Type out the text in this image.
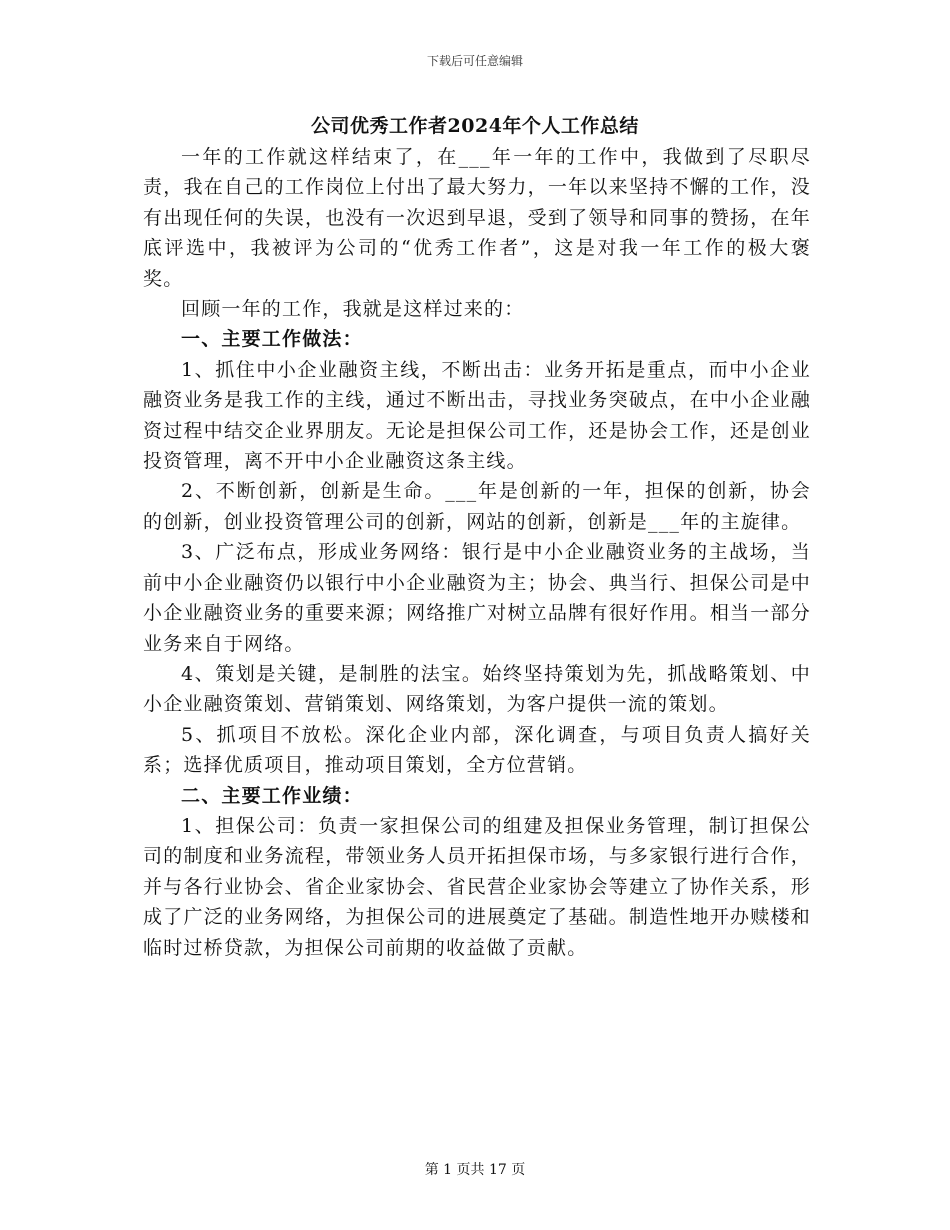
下载后可任意编辑
公司优秀工作者2024年个人工作总结

一年的工作就这样结束了，在___年一年的工作中，我做到了尽职尽责，我在自己的工作岗位上付出了最大努力，一年以来坚持不懈的工作，没有出现任何的失误，也没有一次迟到早退，受到了领导和同事的赞扬，在年底评选中，我被评为公司的“优秀工作者”，这是对我一年工作的极大褒奖。

回顾一年的工作，我就是这样过来的：

一、主要工作做法：

1、抓住中小企业融资主线，不断出击：业务开拓是重点，而中小企业融资业务是我工作的主线，通过不断出击，寻找业务突破点，在中小企业融资过程中结交企业界朋友。无论是担保公司工作，还是协会工作，还是创业投资管理，离不开中小企业融资这条主线。

2、不断创新，创新是生命。___年是创新的一年，担保的创新，协会的创新，创业投资管理公司的创新，网站的创新，创新是___年的主旋律。

3、广泛布点，形成业务网络：银行是中小企业融资业务的主战场，当前中小企业融资仍以银行中小企业融资为主；协会、典当行、担保公司是中小企业融资业务的重要来源；网络推广对树立品牌有很好作用。相当一部分业务来自于网络。

4、策划是关键，是制胜的法宝。始终坚持策划为先，抓战略策划、中小企业融资策划、营销策划、网络策划，为客户提供一流的策划。

5、抓项目不放松。深化企业内部，深化调查，与项目负责人搞好关系；选择优质项目，推动项目策划，全方位营销。

二、主要工作业绩：

1、担保公司：负责一家担保公司的组建及担保业务管理，制订担保公司的制度和业务流程，带领业务人员开拓担保市场，与多家银行进行合作，并与各行业协会、省企业家协会、省民营企业家协会等建立了协作关系，形成了广泛的业务网络，为担保公司的进展奠定了基础。制造性地开办赎楼和临时过桥贷款，为担保公司前期的收益做了贡献。

第 1 页共 17 页
